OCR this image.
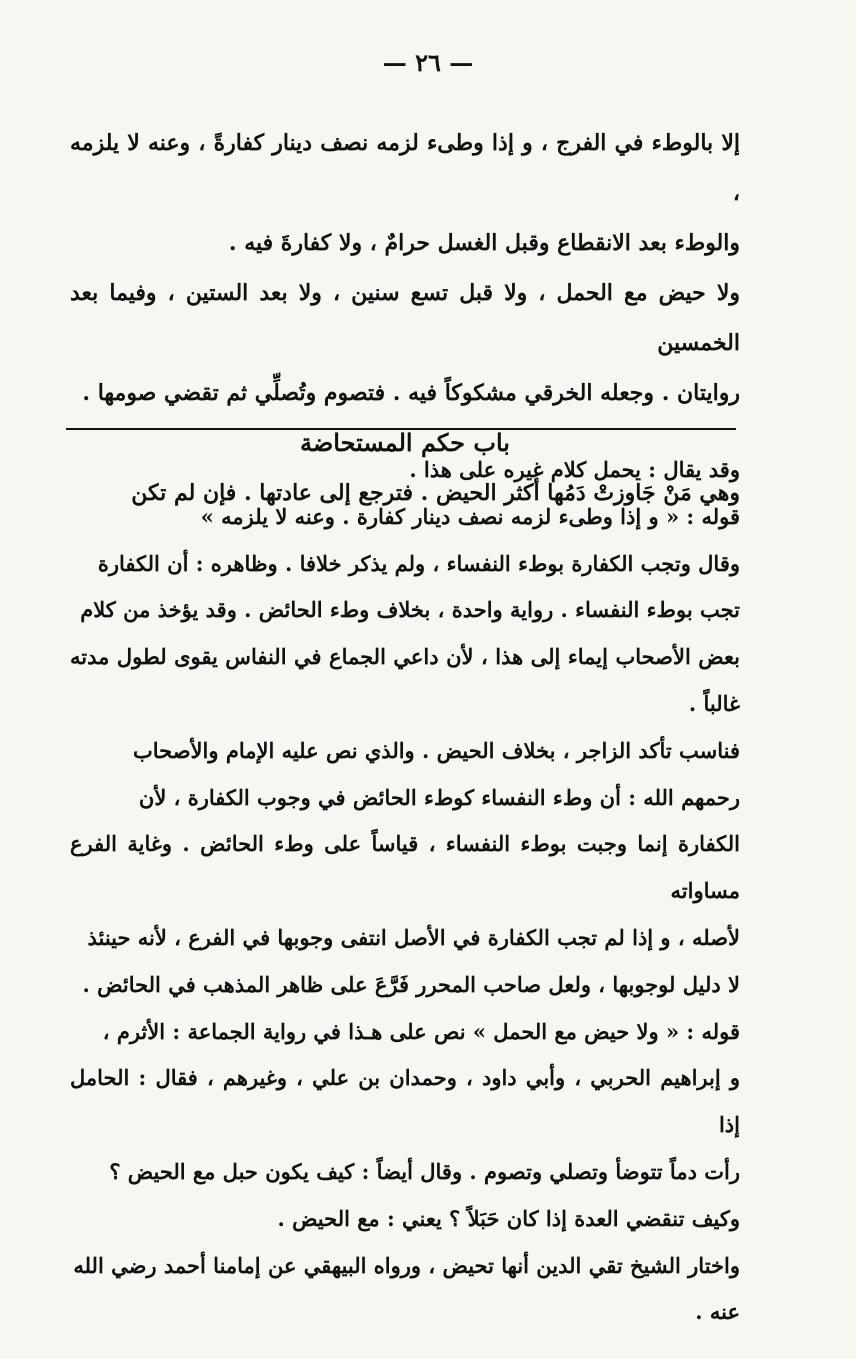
— ٢٦ —

إلا بالوطء في الفرج ، و إذا وطىء لزمه نصف دينار كفارةً ، وعنه لا يلزمه ،

والوطء بعد الانقطاع وقبل الغسل حرامٌ ، ولا كفارةَ فيه .

ولا حيض مع الحمل ، ولا قبل تسع سنين ، ولا بعد الستين ، وفيما بعد الخمسين

روايتان . وجعله الخرقي مشكوكاً فيه . فتصوم وتُصلِّي ثم تقضي صومها .

باب حكم المستحاضة

وهي مَنْ جَاوزتْ دَمُها أكثر الحيض . فترجع إلى عادتها . فإن لم تكن

وقد يقال : يحمل كلام غيره على هذا .

قوله : « و إذا وطىء لزمه نصف دينار كفارة . وعنه لا يلزمه »

وقال وتجب الكفارة بوطء النفساء ، ولم يذكر خلافا . وظاهره : أن الكفارة

تجب بوطء النفساء . رواية واحدة ، بخلاف وطء الحائض . وقد يؤخذ من كلام

بعض الأصحاب إيماء إلى هذا ، لأن داعي الجماع في النفاس يقوى لطول مدته غالباً .

فناسب تأكد الزاجر ، بخلاف الحيض . والذي نص عليه الإمام والأصحاب

رحمهم الله : أن وطء النفساء كوطء الحائض في وجوب الكفارة ، لأن

الكفارة إنما وجبت بوطء النفساء ، قياساً على وطء الحائض . وغاية الفرع مساواته

لأصله ، و إذا لم تجب الكفارة في الأصل انتفى وجوبها في الفرع ، لأنه حينئذ

لا دليل لوجوبها ، ولعل صاحب المحرر فَرَّعَ على ظاهر المذهب في الحائض .

قوله : « ولا حيض مع الحمل » نص على هـذا في رواية الجماعة : الأثرم ،

و إبراهيم الحربي ، وأبي داود ، وحمدان بن علي ، وغيرهم ، فقال : الحامل إذا

رأت دماً تتوضأ وتصلي وتصوم . وقال أيضاً : كيف يكون حبل مع الحيض ؟

وكيف تنقضي العدة إذا كان حَبَلاً ؟ يعني : مع الحيض .

واختار الشيخ تقي الدين أنها تحيض ، ورواه البيهقي عن إمامنا أحمد رضي الله

عنه .
